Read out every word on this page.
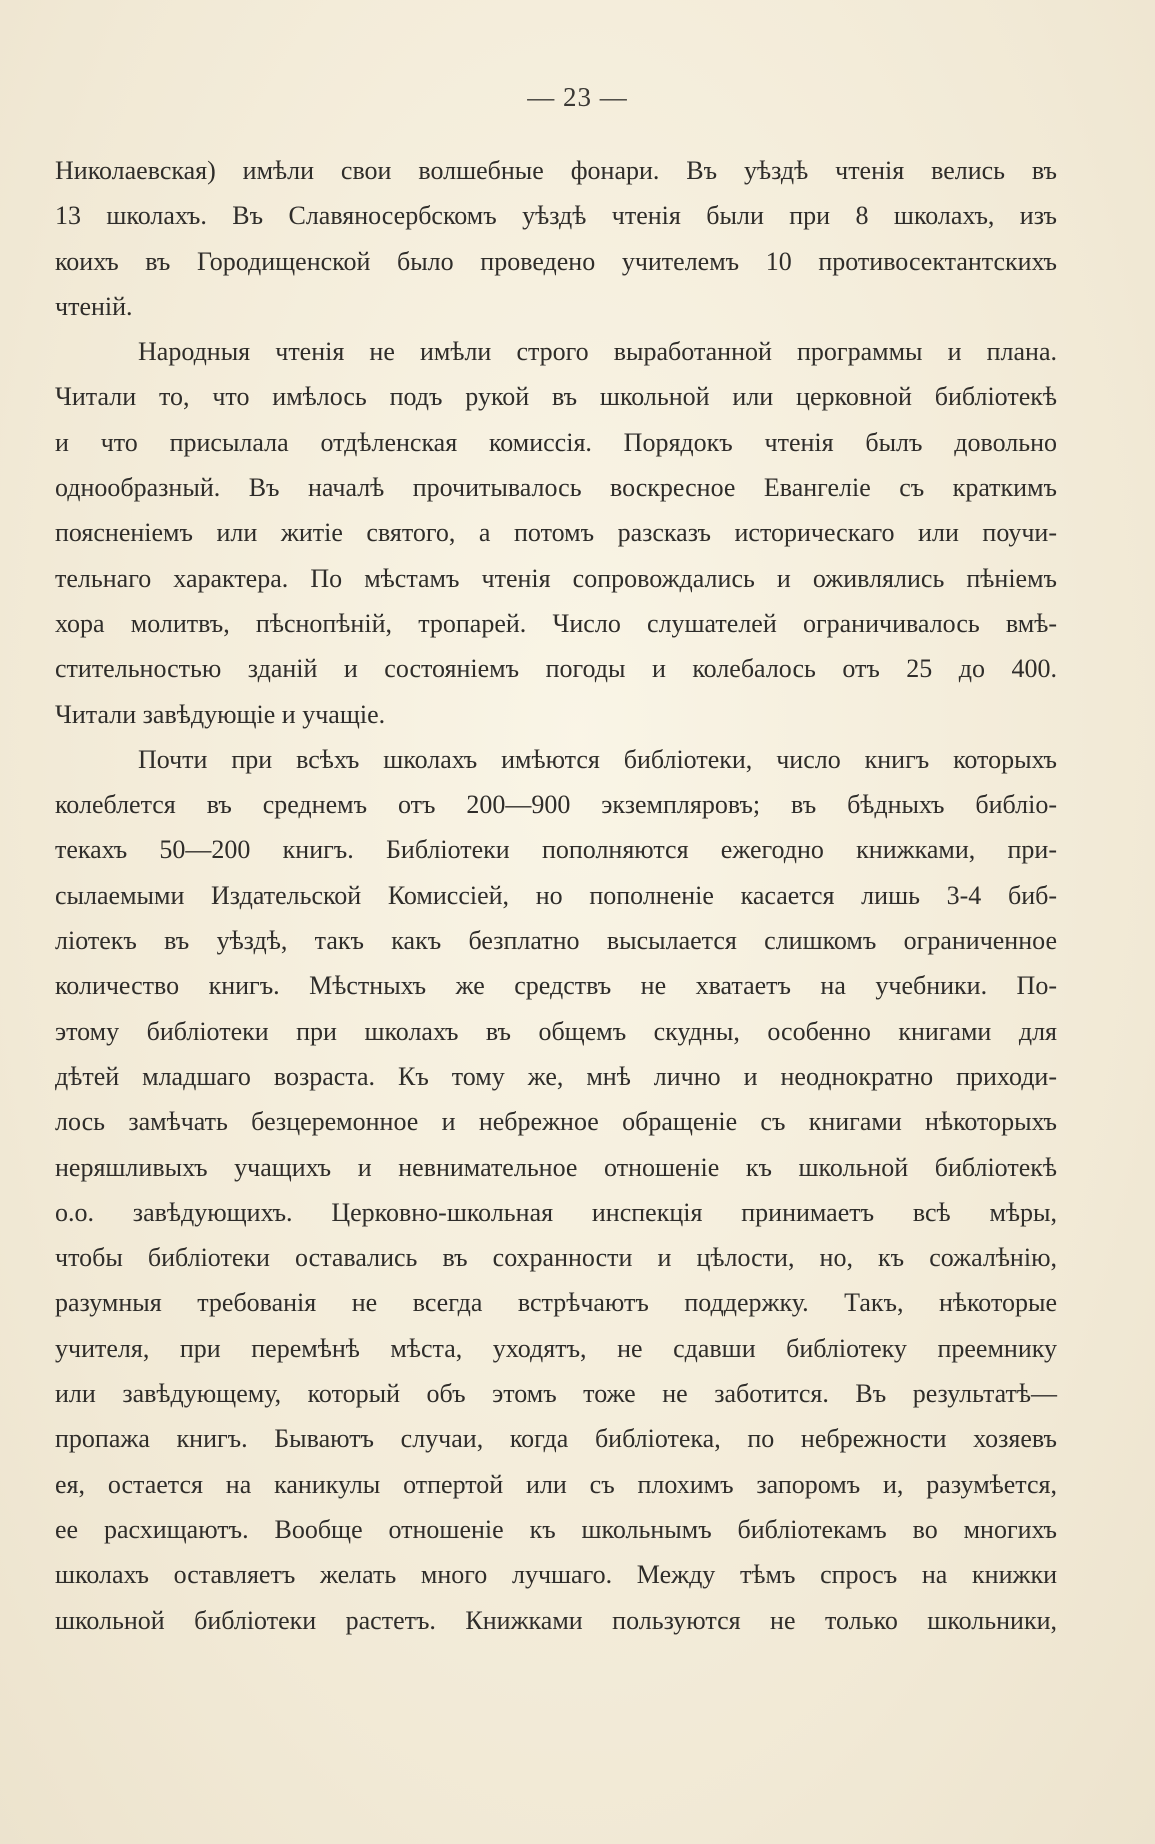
— 23 —
Николаевская) имѣли свои волшебные фонари. Въ уѣздѣ чтенія велись въ
13 школахъ. Въ Славяносербскомъ уѣздѣ чтенія были при 8 школахъ, изъ
коихъ въ Городищенской было проведено учителемъ 10 противосектантскихъ
чтеній.
Народныя чтенія не имѣли строго выработанной программы и плана.
Читали то, что имѣлось подъ рукой въ школьной или церковной библіотекѣ
и что присылала отдѣленская комиссія. Порядокъ чтенія былъ довольно
однообразный. Въ началѣ прочитывалось воскресное Евангеліе съ краткимъ
поясненіемъ или житіе святого, а потомъ разсказъ историческаго или поучи-
тельнаго характера. По мѣстамъ чтенія сопровождались и оживлялись пѣніемъ
хора молитвъ, пѣснопѣній, тропарей. Число слушателей ограничивалось вмѣ-
стительностью зданій и состояніемъ погоды и колебалось отъ 25 до 400.
Читали завѣдующіе и учащіе.
Почти при всѣхъ школахъ имѣются библіотеки, число книгъ которыхъ
колеблется въ среднемъ отъ 200—900 экземпляровъ; въ бѣдныхъ библіо-
текахъ 50—200 книгъ. Библіотеки пополняются ежегодно книжками, при-
сылаемыми Издательской Комиссіей, но пополненіе касается лишь 3-4 биб-
ліотекъ въ уѣздѣ, такъ какъ безплатно высылается слишкомъ ограниченное
количество книгъ. Мѣстныхъ же средствъ не хватаетъ на учебники. По-
этому библіотеки при школахъ въ общемъ скудны, особенно книгами для
дѣтей младшаго возраста. Къ тому же, мнѣ лично и неоднократно приходи-
лось замѣчать безцеремонное и небрежное обращеніе съ книгами нѣкоторыхъ
неряшливыхъ учащихъ и невнимательное отношеніе къ школьной библіотекѣ
о.о. завѣдующихъ. Церковно-школьная инспекція принимаетъ всѣ мѣры,
чтобы библіотеки оставались въ сохранности и цѣлости, но, къ сожалѣнію,
разумныя требованія не всегда встрѣчаютъ поддержку. Такъ, нѣкоторые
учителя, при перемѣнѣ мѣста, уходятъ, не сдавши библіотеку преемнику
или завѣдующему, который объ этомъ тоже не заботится. Въ результатѣ—
пропажа книгъ. Бываютъ случаи, когда библіотека, по небрежности хозяевъ
ея, остается на каникулы отпертой или съ плохимъ запоромъ и, разумѣется,
ее расхищаютъ. Вообще отношеніе къ школьнымъ библіотекамъ во многихъ
школахъ оставляетъ желать много лучшаго. Между тѣмъ спросъ на книжки
школьной библіотеки растетъ. Книжками пользуются не только школьники,
